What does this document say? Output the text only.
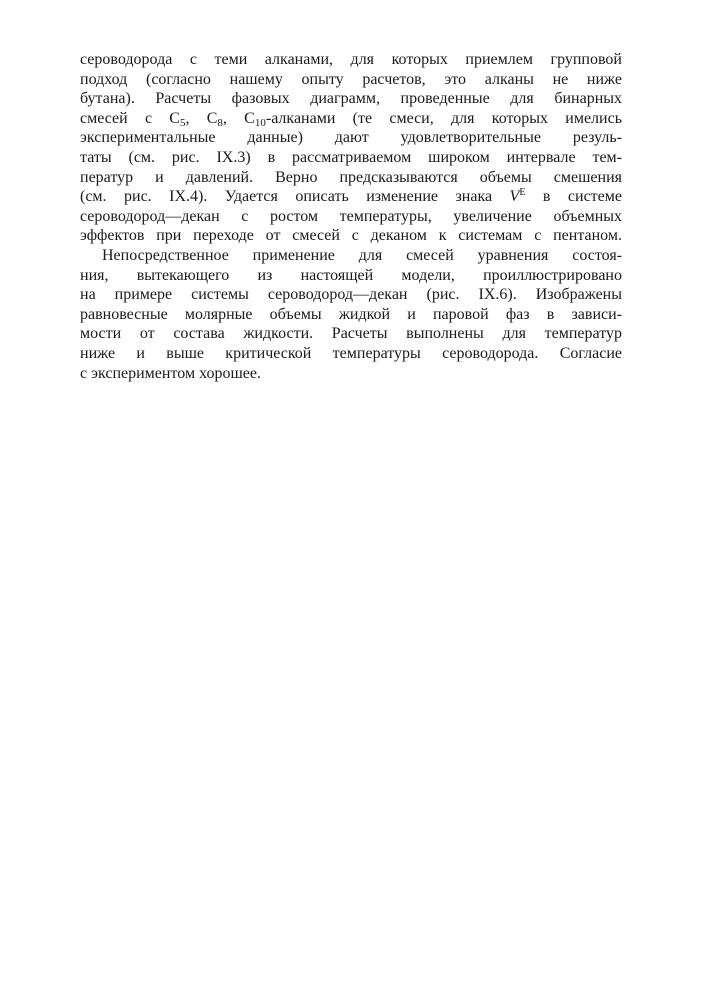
сероводорода с теми алканами, для которых приемлем групповой
подход (согласно нашему опыту расчетов, это алканы не ниже
бутана). Расчеты фазовых диаграмм, проведенные для бинарных
смесей с $C_5$, $C_8$, $C_{10}$-алканами (те смеси, для которых имелись
экспериментальные данные) дают удовлетворительные резуль-
таты (см. рис. IX.3) в рассматриваемом широком интервале тем-
ператур и давлений. Верно предсказываются объемы смешения
(см. рис. IX.4). Удается описать изменение знака $V^E$ в системе
сероводород—декан с ростом температуры, увеличение объемных
эффектов при переходе от смесей с деканом к системам с пентаном.
Непосредственное применение для смесей уравнения состоя-
ния, вытекающего из настоящей модели, проиллюстрировано
на примере системы сероводород—декан (рис. IX.6). Изображены
равновесные молярные объемы жидкой и паровой фаз в зависи-
мости от состава жидкости. Расчеты выполнены для температур
ниже и выше критической температуры сероводорода. Согласие
с экспериментом хорошее.
